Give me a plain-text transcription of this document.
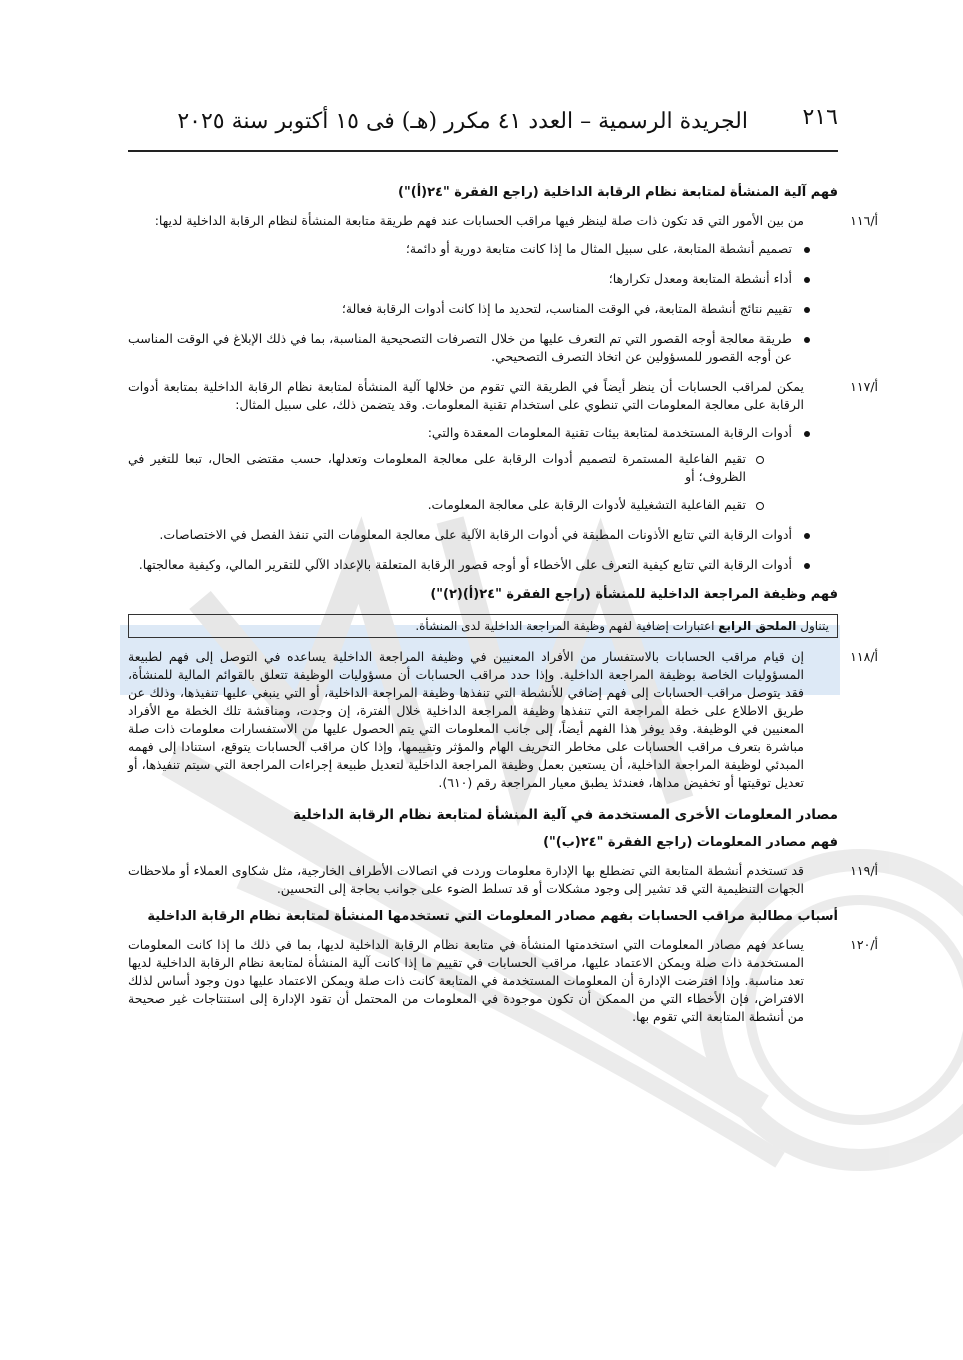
٢١٦
الجريدة الرسمية – العدد ٤١ مكرر (هـ) فى ١٥ أكتوبر سنة ٢٠٢٥
فهم آلية المنشأة لمتابعة نظام الرقابة الداخلية (راجع الفقرة "٢٤(أ)")
أ/١١٦
من بين الأمور التي قد تكون ذات صلة لينظر فيها مراقب الحسابات عند فهم طريقة متابعة المنشأة لنظام الرقابة الداخلية لديها:
تصميم أنشطة المتابعة، على سبيل المثال ما إذا كانت متابعة دورية أو دائمة؛
أداء أنشطة المتابعة ومعدل تكرارها؛
تقييم نتائج أنشطة المتابعة، في الوقت المناسب، لتحديد ما إذا كانت أدوات الرقابة فعالة؛
طريقة معالجة أوجه القصور التي تم التعرف عليها من خلال التصرفات التصحيحية المناسبة، بما في ذلك الإبلاغ في الوقت المناسب عن أوجه القصور للمسؤولين عن اتخاذ التصرف التصحيحي.
أ/١١٧
يمكن لمراقب الحسابات أن ينظر أيضاً في الطريقة التي تقوم من خلالها آلية المنشأة لمتابعة نظام الرقابة الداخلية بمتابعة أدوات الرقابة على معالجة المعلومات التي تنطوي على استخدام تقنية المعلومات. وقد يتضمن ذلك، على سبيل المثال:
أدوات الرقابة المستخدمة لمتابعة بيئات تقنية المعلومات المعقدة والتي:
تقيم الفاعلية المستمرة لتصميم أدوات الرقابة على معالجة المعلومات وتعدلها، حسب مقتضى الحال، تبعا للتغير في الظروف؛ أو
تقيم الفاعلية التشغيلية لأدوات الرقابة على معالجة المعلومات.
أدوات الرقابة التي تتابع الأذونات المطبقة في أدوات الرقابة الآلية على معالجة المعلومات التي تنفذ الفصل في الاختصاصات.
أدوات الرقابة التي تتابع كيفية التعرف على الأخطاء أو أوجه قصور الرقابة المتعلقة بالإعداد الآلي للتقرير المالي، وكيفية معالجتها.
فهم وظيفة المراجعة الداخلية للمنشأة (راجع الفقرة "٢٤(أ)(٢)")
يتناول الملحق الرابع اعتبارات إضافية لفهم وظيفة المراجعة الداخلية لدى المنشأة.
أ/١١٨
إن قيام مراقب الحسابات بالاستفسار من الأفراد المعنيين في وظيفة المراجعة الداخلية يساعده في التوصل إلى فهم لطبيعة المسؤوليات الخاصة بوظيفة المراجعة الداخلية. وإذا حدد مراقب الحسابات أن مسؤوليات الوظيفة تتعلق بالقوائم المالية للمنشأة، فقد يتوصل مراقب الحسابات إلى فهم إضافي للأنشطة التي تنفذها وظيفة المراجعة الداخلية، أو التي ينبغي عليها تنفيذها، وذلك عن طريق الاطلاع على خطة المراجعة التي تنفذها وظيفة المراجعة الداخلية خلال الفترة، إن وجدت، ومناقشة تلك الخطة مع الأفراد المعنيين في الوظيفة. وقد يوفر هذا الفهم أيضاً، إلى جانب المعلومات التي يتم الحصول عليها من الاستفسارات معلومات ذات صلة مباشرة بتعرف مراقب الحسابات على مخاطر التحريف الهام والمؤثر وتقييمها، وإذا كان مراقب الحسابات يتوقع، استنادا إلى فهمه المبدئي لوظيفة المراجعة الداخلية، أن يستعين بعمل وظيفة المراجعة الداخلية لتعديل طبيعة إجراءات المراجعة التي سيتم تنفيذها، أو تعديل توقيتها أو تخفيض مداها، فعندئذ يطبق معيار المراجعة رقم (٦١٠).
مصادر المعلومات الأخرى المستخدمة في آلية المنشأة لمتابعة نظام الرقابة الداخلية
فهم مصادر المعلومات (راجع الفقرة "٢٤(ب)")
أ/١١٩
قد تستخدم أنشطة المتابعة التي تضطلع بها الإدارة معلومات وردت في اتصالات الأطراف الخارجية، مثل شكاوى العملاء أو ملاحظات الجهات التنظيمية التي قد تشير إلى وجود مشكلات أو قد تسلط الضوء على جوانب بحاجة إلى التحسين.
أسباب مطالبة مراقب الحسابات بفهم مصادر المعلومات التي تستخدمها المنشأة لمتابعة نظام الرقابة الداخلية
أ/١٢٠
يساعد فهم مصادر المعلومات التي استخدمتها المنشأة في متابعة نظام الرقابة الداخلية لديها، بما في ذلك ما إذا كانت المعلومات المستخدمة ذات صلة ويمكن الاعتماد عليها، مراقب الحسابات في تقييم ما إذا كانت آلية المنشأة لمتابعة نظام الرقابة الداخلية لديها تعد مناسبة. وإذا افترضت الإدارة أن المعلومات المستخدمة في المتابعة كانت ذات صلة ويمكن الاعتماد عليها دون وجود أساس لذلك الافتراض، فإن الأخطاء التي من الممكن أن تكون موجودة في المعلومات من المحتمل أن تقود الإدارة إلى استنتاجات غير صحيحة من أنشطة المتابعة التي تقوم بها.
